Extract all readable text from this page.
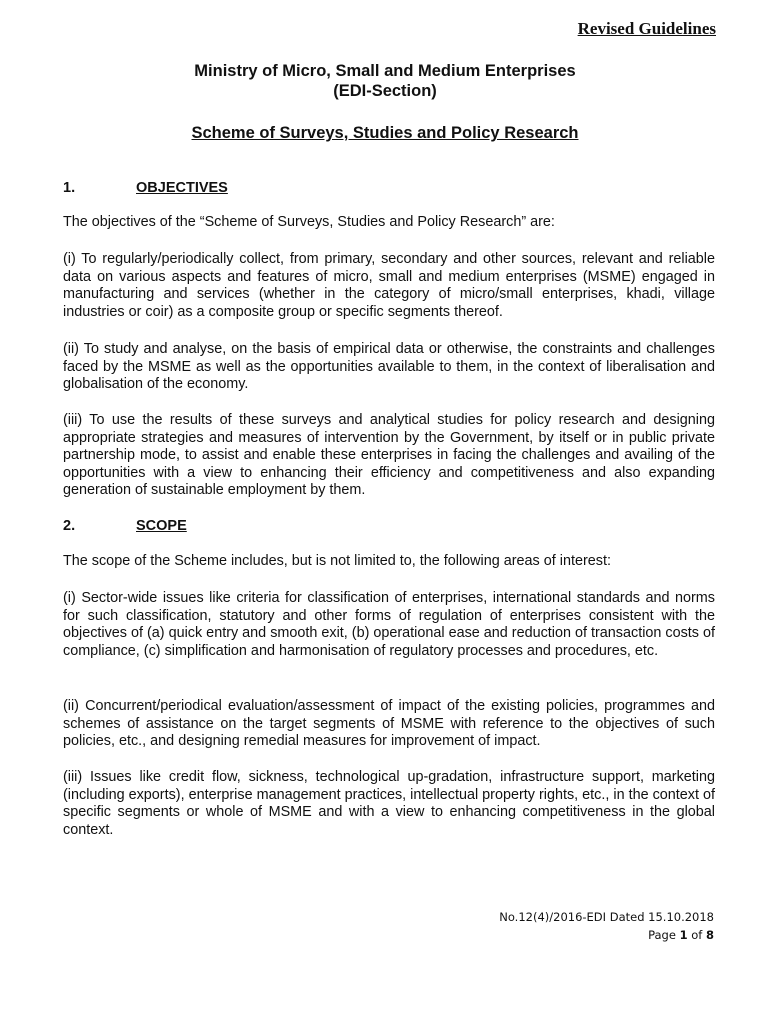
Revised Guidelines
Ministry of Micro, Small and Medium Enterprises
(EDI-Section)
Scheme of Surveys, Studies and Policy Research
1.	OBJECTIVES
The objectives of the “Scheme of Surveys, Studies and Policy Research” are:
(i) To regularly/periodically collect, from primary, secondary and other sources, relevant and reliable data on various aspects and features of micro, small and medium enterprises (MSME) engaged in manufacturing and services (whether in the category of micro/small enterprises, khadi, village industries or coir) as a composite group or specific segments thereof.
(ii) To study and analyse, on the basis of empirical data or otherwise, the constraints and challenges faced by the MSME as well as the opportunities available to them, in the context of liberalisation and globalisation of the economy.
(iii) To use the results of these surveys and analytical studies for policy research and designing appropriate strategies and measures of intervention by the Government, by itself or in public private partnership mode, to assist and enable these enterprises in facing the challenges and availing of the opportunities with a view to enhancing their efficiency and competitiveness and also expanding generation of sustainable employment by them.
2.	SCOPE
The scope of the Scheme includes, but is not limited to, the following areas of interest:
(i) Sector-wide issues like criteria for classification of enterprises, international standards and norms for such classification, statutory and other forms of regulation of enterprises consistent with the objectives of (a) quick entry and smooth exit, (b) operational ease and reduction of transaction costs of compliance, (c) simplification and harmonisation of regulatory processes and procedures, etc.
(ii) Concurrent/periodical evaluation/assessment of impact of the existing policies, programmes and schemes of assistance on the target segments of MSME with reference to the objectives of such policies, etc., and designing remedial measures for improvement of impact.
(iii) Issues like credit flow, sickness, technological up-gradation, infrastructure support, marketing (including exports), enterprise management practices, intellectual property rights, etc., in the context of specific segments or whole of MSME and with a view to enhancing competitiveness in the global context.
No.12(4)/2016-EDI Dated 15.10.2018
Page 1 of 8
